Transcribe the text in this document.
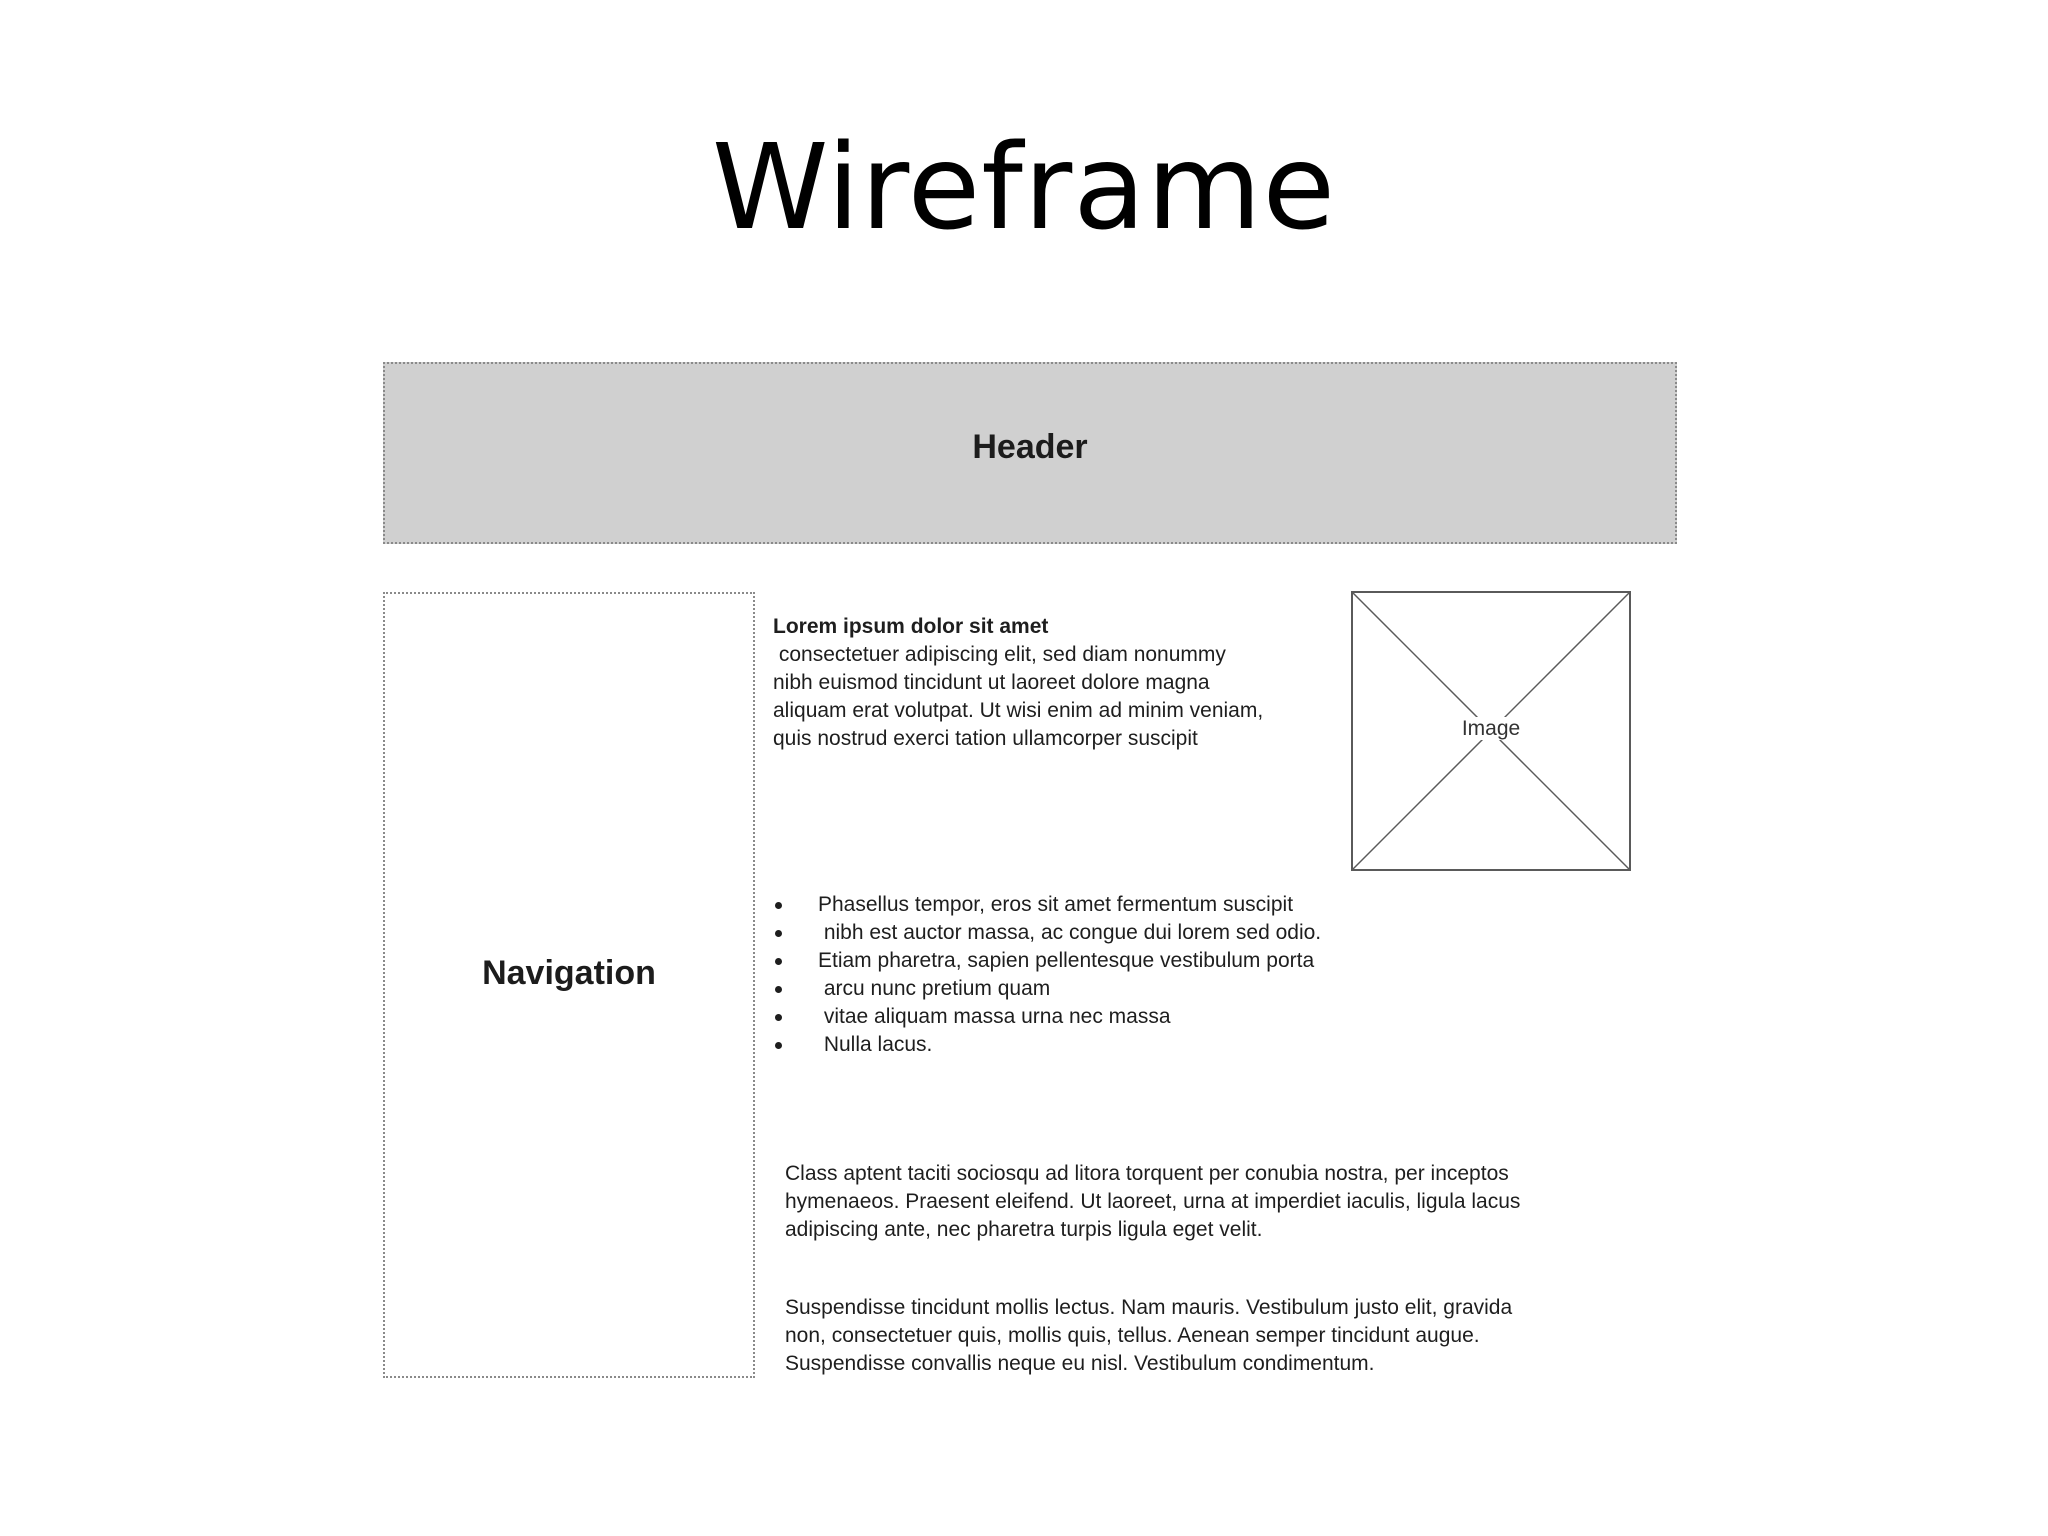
Wireframe
Header
Navigation
Lorem ipsum dolor sit amet
consectetuer adipiscing elit, sed diam nonummy
nibh euismod tincidunt ut laoreet dolore magna
aliquam erat volutpat. Ut wisi enim ad minim veniam,
quis nostrud exerci tation ullamcorper suscipit	Image
Phasellus tempor, eros sit amet fermentum suscipit
nibh est auctor massa, ac congue dui lorem sed odio.
Etiam pharetra, sapien pellentesque vestibulum porta
arcu nunc pretium quam
vitae aliquam massa urna nec massa
Nulla lacus.
Class aptent taciti sociosqu ad litora torquent per conubia nostra, per inceptos
hymenaeos. Praesent eleifend. Ut laoreet, urna at imperdiet iaculis, ligula lacus
adipiscing ante, nec pharetra turpis ligula eget velit.
Suspendisse tincidunt mollis lectus. Nam mauris. Vestibulum justo elit, gravida
non, consectetuer quis, mollis quis, tellus. Aenean semper tincidunt augue.
Suspendisse convallis neque eu nisl. Vestibulum condimentum.
